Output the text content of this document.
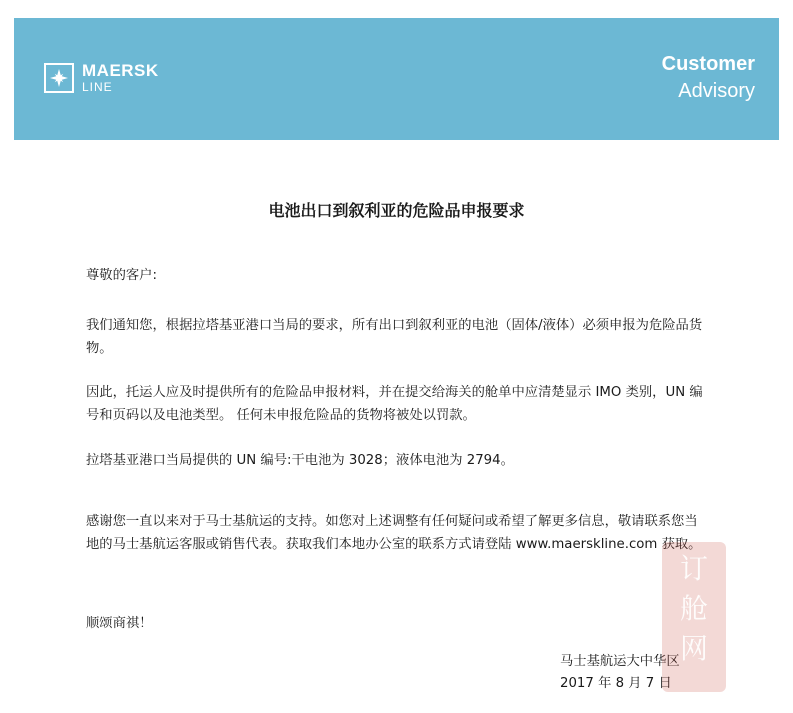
MAERSK
LINE
Customer
Advisory
电池出口到叙利亚的危险品申报要求

尊敬的客户:

我们通知您，根据拉塔基亚港口当局的要求，所有出口到叙利亚的电池（固体/液体）必须申报为危险品货物。

因此，托运人应及时提供所有的危险品申报材料，并在提交给海关的舱单中应清楚显示 IMO 类别，UN 编号和页码以及电池类型。 任何未申报危险品的货物将被处以罚款。

拉塔基亚港口当局提供的 UN 编号:干电池为 3028；液体电池为 2794。

感谢您一直以来对于马士基航运的支持。如您对上述调整有任何疑问或希望了解更多信息，敬请联系您当地的马士基航运客服或销售代表。获取我们本地办公室的联系方式请登陆 www.maerskline.com 获取。

顺颂商祺！

马士基航运大中华区
2017 年 8 月 7 日
订
舱
网
